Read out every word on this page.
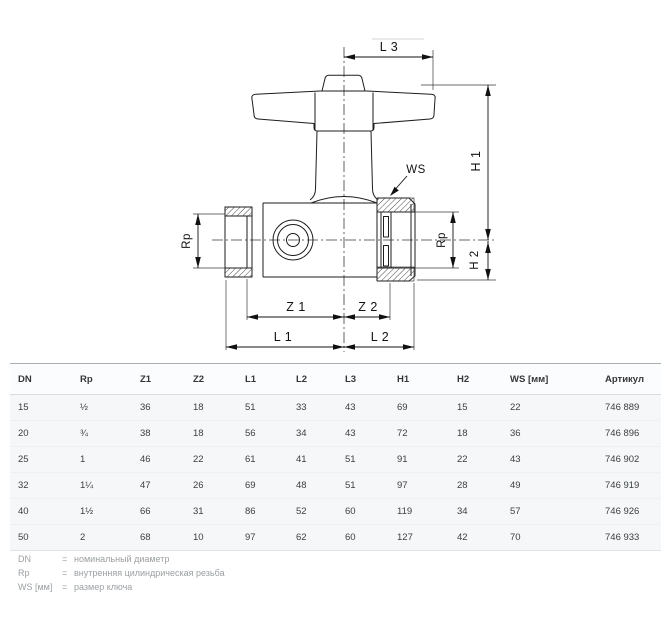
L 3
H 1
WS
Rp	Rp
H 2
Z 1	Z 2
L 1	L 2
DN	Rp	Z1	Z2	L1	L2	L3	H1	H2	WS [мм]	Артикул
15	½	36	18	51	33	43	69	15	22	746 889
20	¾	38	18	56	34	43	72	18	36	746 896
25	1	46	22	61	41	51	91	22	43	746 902
32	1¼	47	26	69	48	51	97	28	49	746 919
40	1½	66	31	86	52	60	119	34	57	746 926
50	2	68	10	97	62	60	127	42	70	746 933
DN	= номинальный диаметр
Rp	= внутренняя цилиндрическая резьба
WS [мм]	= размер ключа
